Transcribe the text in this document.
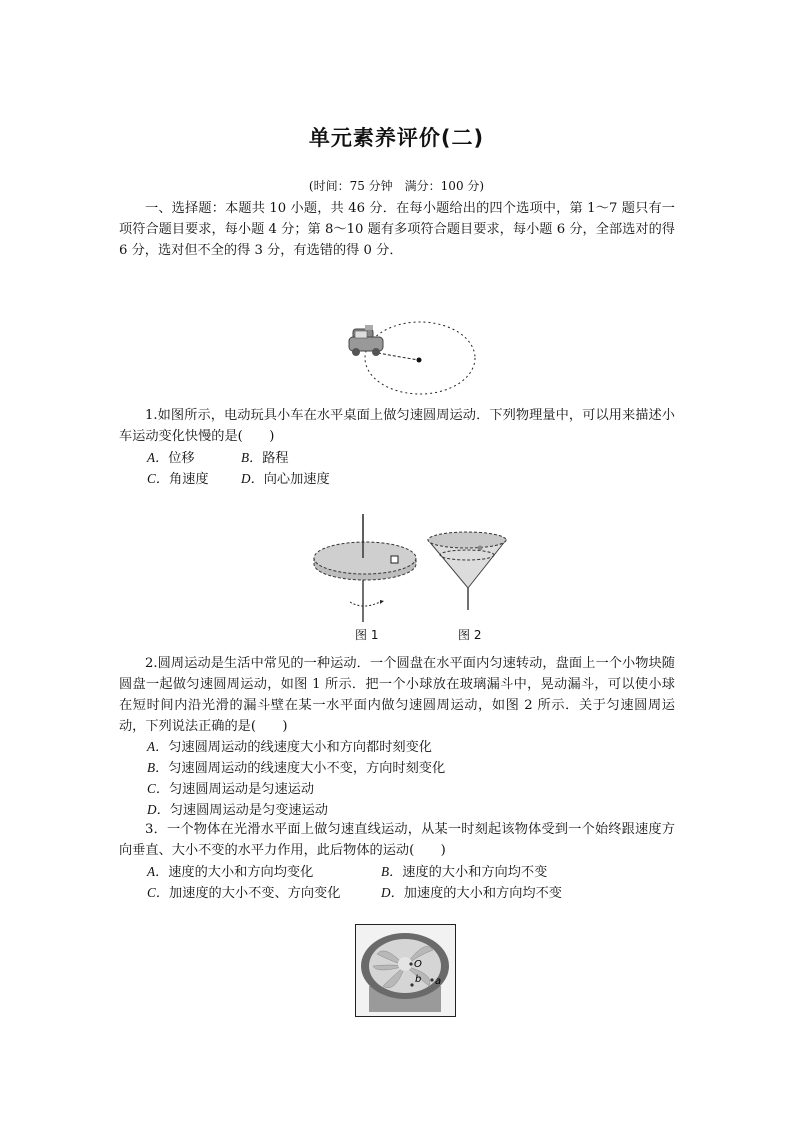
单元素养评价(二)
(时间：75 分钟　满分：100 分)
一、选择题：本题共 10 小题，共 46 分．在每小题给出的四个选项中，第 1～7 题只有一项符合题目要求，每小题 4 分；第 8～10 题有多项符合题目要求，每小题 6 分，全部选对的得 6 分，选对但不全的得 3 分，有选错的得 0 分．
1.如图所示，电动玩具小车在水平桌面上做匀速圆周运动．下列物理量中，可以用来描述小车运动变化快慢的是(　　)
A．位移	B．路程
C．角速度 D．向心加速度
图 1	图 2
2.圆周运动是生活中常见的一种运动．一个圆盘在水平面内匀速转动，盘面上一个小物块随圆盘一起做匀速圆周运动，如图 1 所示．把一个小球放在玻璃漏斗中，晃动漏斗，可以使小球在短时间内沿光滑的漏斗壁在某一水平面内做匀速圆周运动，如图 2 所示．关于匀速圆周运动，下列说法正确的是(　　)
A．匀速圆周运动的线速度大小和方向都时刻变化
B．匀速圆周运动的线速度大小不变，方向时刻变化
C．匀速圆周运动是匀速运动
D．匀速圆周运动是匀变速运动
3．一个物体在光滑水平面上做匀速直线运动，从某一时刻起该物体受到一个始终跟速度方向垂直、大小不变的水平力作用，此后物体的运动(　　)
A．速度的大小和方向均变化	B．速度的大小和方向均不变
C．加速度的大小不变、方向变化	D．加速度的大小和方向均不变
O
b a
